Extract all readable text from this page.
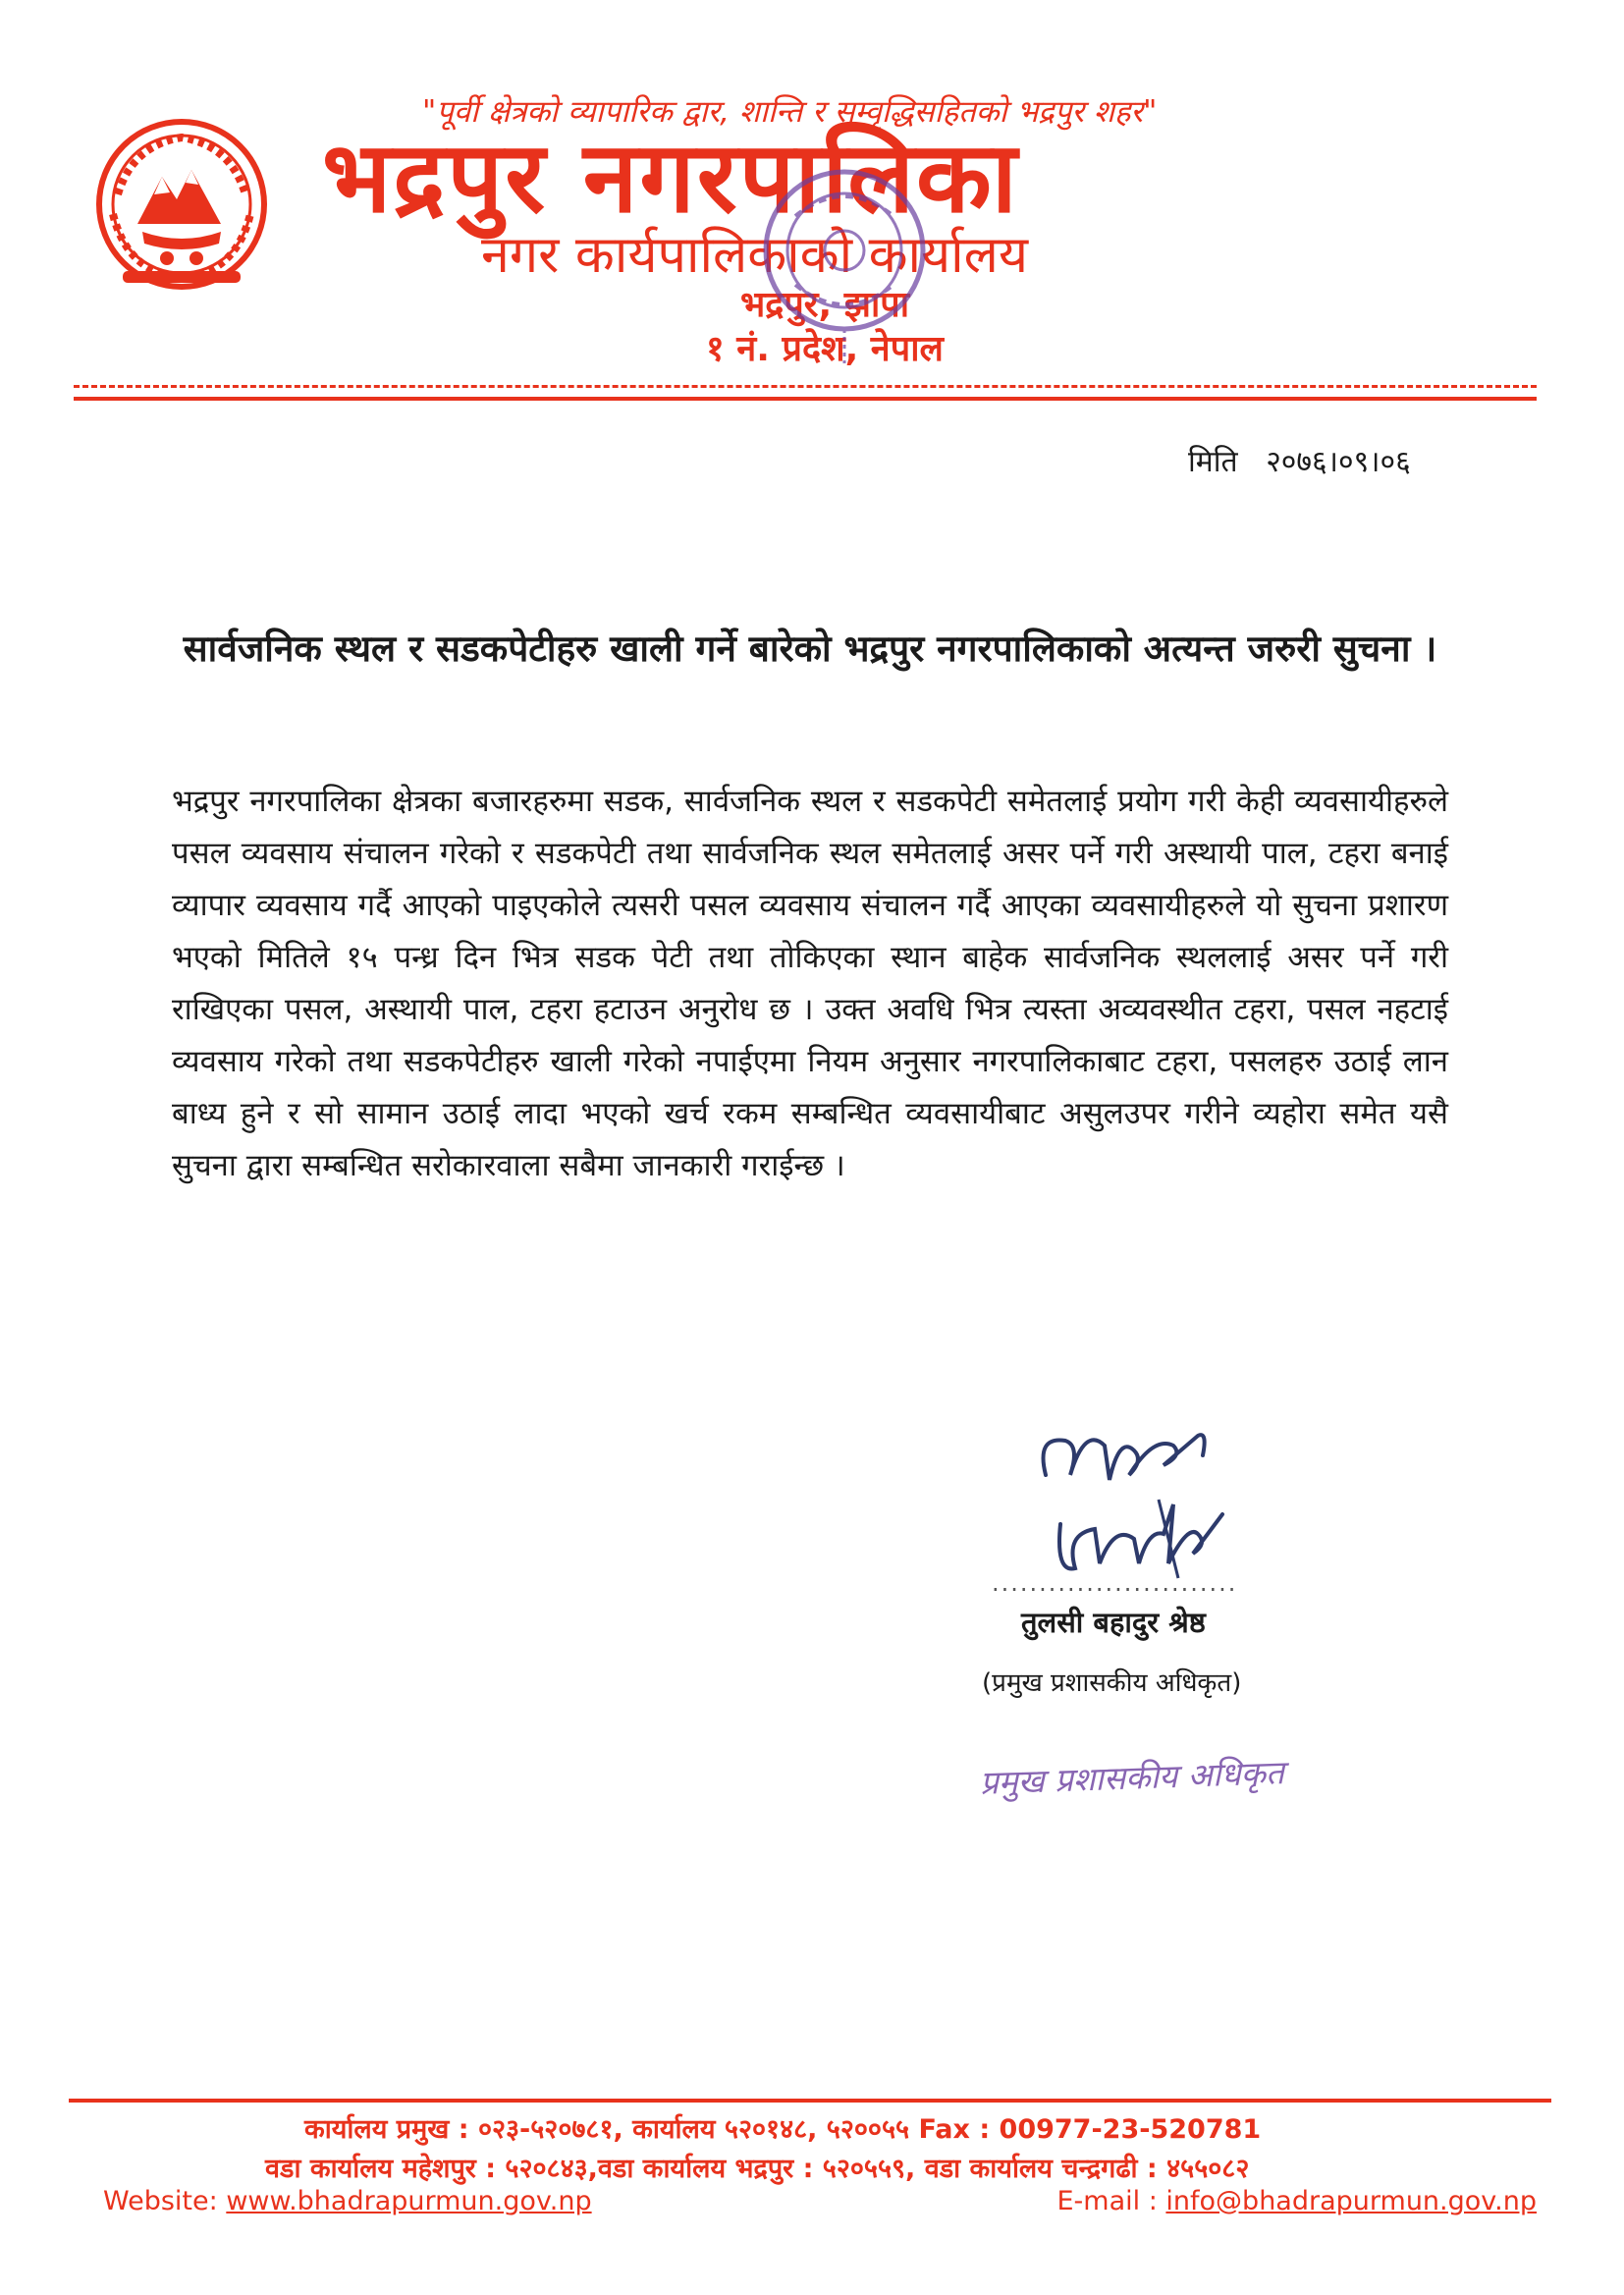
"पूर्वी क्षेत्रको व्यापारिक द्वार, शान्ति र सम्वृद्धिसहितको भद्रपुर शहर"
भद्रपुर नगरपालिका
नगर कार्यपालिकाको कार्यालय
भद्रपुर, झापा
१ नं. प्रदेश, नेपाल
मिति २०७६।०९।०६
सार्वजनिक स्थल र सडकपेटीहरु खाली गर्ने बारेको भद्रपुर नगरपालिकाको अत्यन्त जरुरी सुचना ।
भद्रपुर नगरपालिका क्षेत्रका बजारहरुमा सडक, सार्वजनिक स्थल र सडकपेटी समेतलाई प्रयोग गरी केही व्यवसायीहरुले पसल व्यवसाय संचालन गरेको र सडकपेटी तथा सार्वजनिक स्थल समेतलाई असर पर्ने गरी अस्थायी पाल, टहरा बनाई व्यापार व्यवसाय गर्दै आएको पाइएकोले त्यसरी पसल व्यवसाय संचालन गर्दै आएका व्यवसायीहरुले यो सुचना प्रशारण भएको मितिले १५ पन्ध्र दिन भित्र सडक पेटी तथा तोकिएका स्थान बाहेक सार्वजनिक स्थललाई असर पर्ने गरी राखिएका पसल, अस्थायी पाल, टहरा हटाउन अनुरोध छ । उक्त अवधि भित्र त्यस्ता अव्यवस्थीत टहरा, पसल नहटाई व्यवसाय गरेको तथा सडकपेटीहरु खाली गरेको नपाईएमा नियम अनुसार नगरपालिकाबाट टहरा, पसलहरु उठाई लान बाध्य हुने र सो सामान उठाई लादा भएको खर्च रकम सम्बन्धित व्यवसायीबाट असुलउपर गरीने व्यहोरा समेत यसै सुचना द्वारा सम्बन्धित सरोकारवाला सबैमा जानकारी गराईन्छ ।
..........................
तुलसी बहादुर श्रेष्ठ
(प्रमुख प्रशासकीय अधिकृत)
प्रमुख प्रशासकीय अधिकृत
कार्यालय प्रमुख : ०२३-५२०७८१, कार्यालय ५२०१४८, ५२००५५ Fax : 00977-23-520781
वडा कार्यालय महेशपुर : ५२०८४३,वडा कार्यालय भद्रपुर : ५२०५५९, वडा कार्यालय चन्द्रगढी : ४५५०८२
Website: www.bhadrapurmun.gov.np	E-mail : info@bhadrapurmun.gov.np
